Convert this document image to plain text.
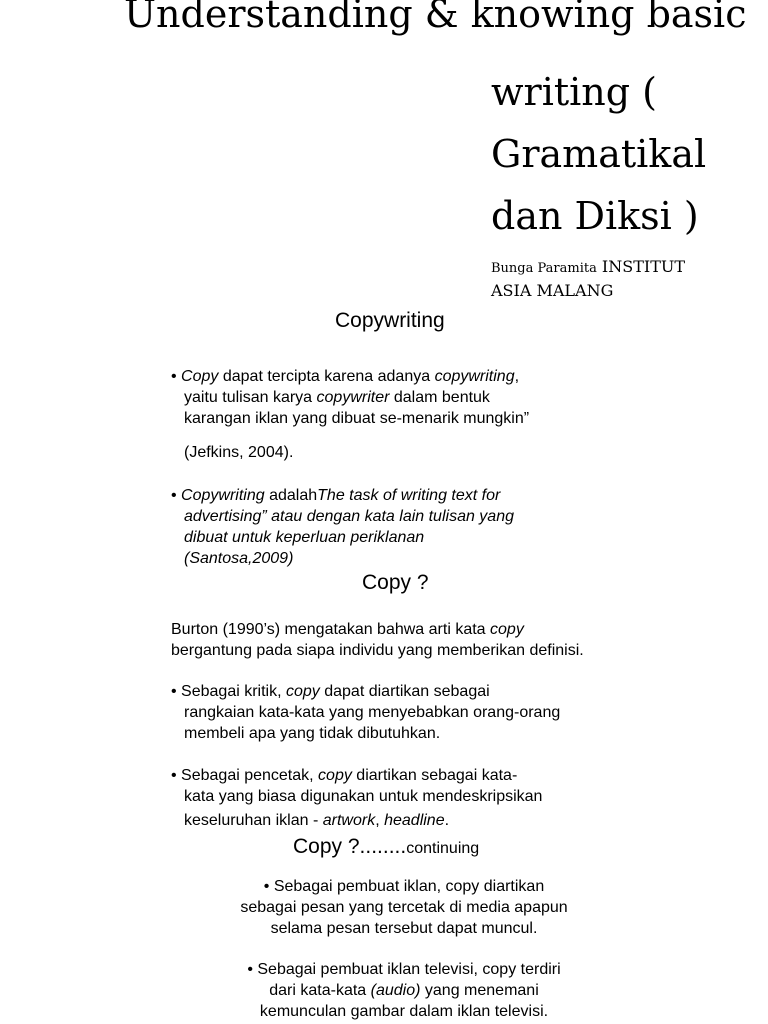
Understanding & knowing basic
writing (
Gramatikal
dan Diksi )
Bunga Paramita INSTITUT
ASIA MALANG
Copywriting
• Copy dapat tercipta karena adanya copywriting,
yaitu tulisan karya copywriter dalam bentuk
karangan iklan yang dibuat se-menarik mungkin”
(Jefkins, 2004).
• Copywriting adalahThe task of writing text for
advertising” atau dengan kata lain tulisan yang
dibuat untuk keperluan periklanan
(Santosa,2009)
Copy ?
Burton (1990’s) mengatakan bahwa arti kata copy
bergantung pada siapa individu yang memberikan definisi.
• Sebagai kritik, copy dapat diartikan sebagai
rangkaian kata-kata yang menyebabkan orang-orang
membeli apa yang tidak dibutuhkan.
• Sebagai pencetak, copy diartikan sebagai kata-
kata yang biasa digunakan untuk mendeskripsikan
keseluruhan iklan - artwork, headline.
Copy ?........continuing
• Sebagai pembuat iklan, copy diartikan
sebagai pesan yang tercetak di media apapun
selama pesan tersebut dapat muncul.
• Sebagai pembuat iklan televisi, copy terdiri
dari kata-kata (audio) yang menemani
kemunculan gambar dalam iklan televisi.
